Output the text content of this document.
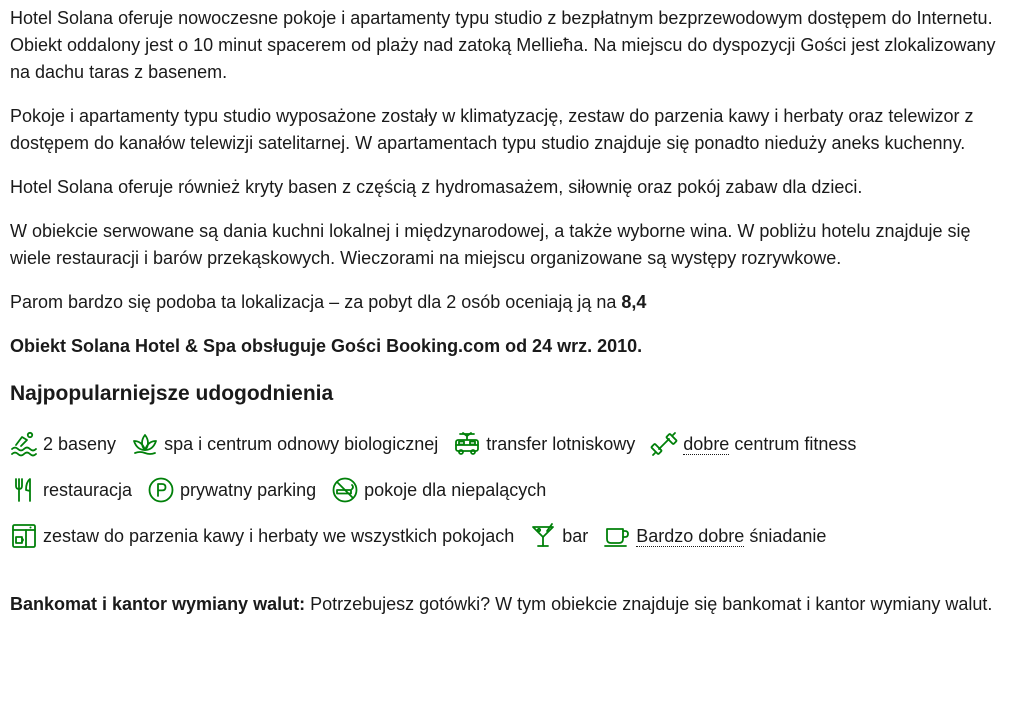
Hotel Solana oferuje nowoczesne pokoje i apartamenty typu studio z bezpłatnym bezprzewodowym dostępem do Internetu. Obiekt oddalony jest o 10 minut spacerem od plaży nad zatoką Mellieħa. Na miejscu do dyspozycji Gości jest zlokalizowany na dachu taras z basenem.

Pokoje i apartamenty typu studio wyposażone zostały w klimatyzację, zestaw do parzenia kawy i herbaty oraz telewizor z dostępem do kanałów telewizji satelitarnej. W apartamentach typu studio znajduje się ponadto nieduży aneks kuchenny.

Hotel Solana oferuje również kryty basen z częścią z hydromasażem, siłownię oraz pokój zabaw dla dzieci.

W obiekcie serwowane są dania kuchni lokalnej i międzynarodowej, a także wyborne wina. W pobliżu hotelu znajduje się wiele restauracji i barów przekąskowych. Wieczorami na miejscu organizowane są występy rozrywkowe.

Parom bardzo się podoba ta lokalizacja – za pobyt dla 2 osób oceniają ją na 8,4

Obiekt Solana Hotel & Spa obsługuje Gości Booking.com od 24 wrz. 2010.

Najpopularniejsze udogodnienia
2 baseny	spa i centrum odnowy biologicznej	transfer lotniskowy	dobre centrum fitness
restauracja	prywatny parking	pokoje dla niepalących
zestaw do parzenia kawy i herbaty we wszystkich pokojach	bar	Bardzo dobre śniadanie

Bankomat i kantor wymiany walut: Potrzebujesz gotówki? W tym obiekcie znajduje się bankomat i kantor wymiany walut.
